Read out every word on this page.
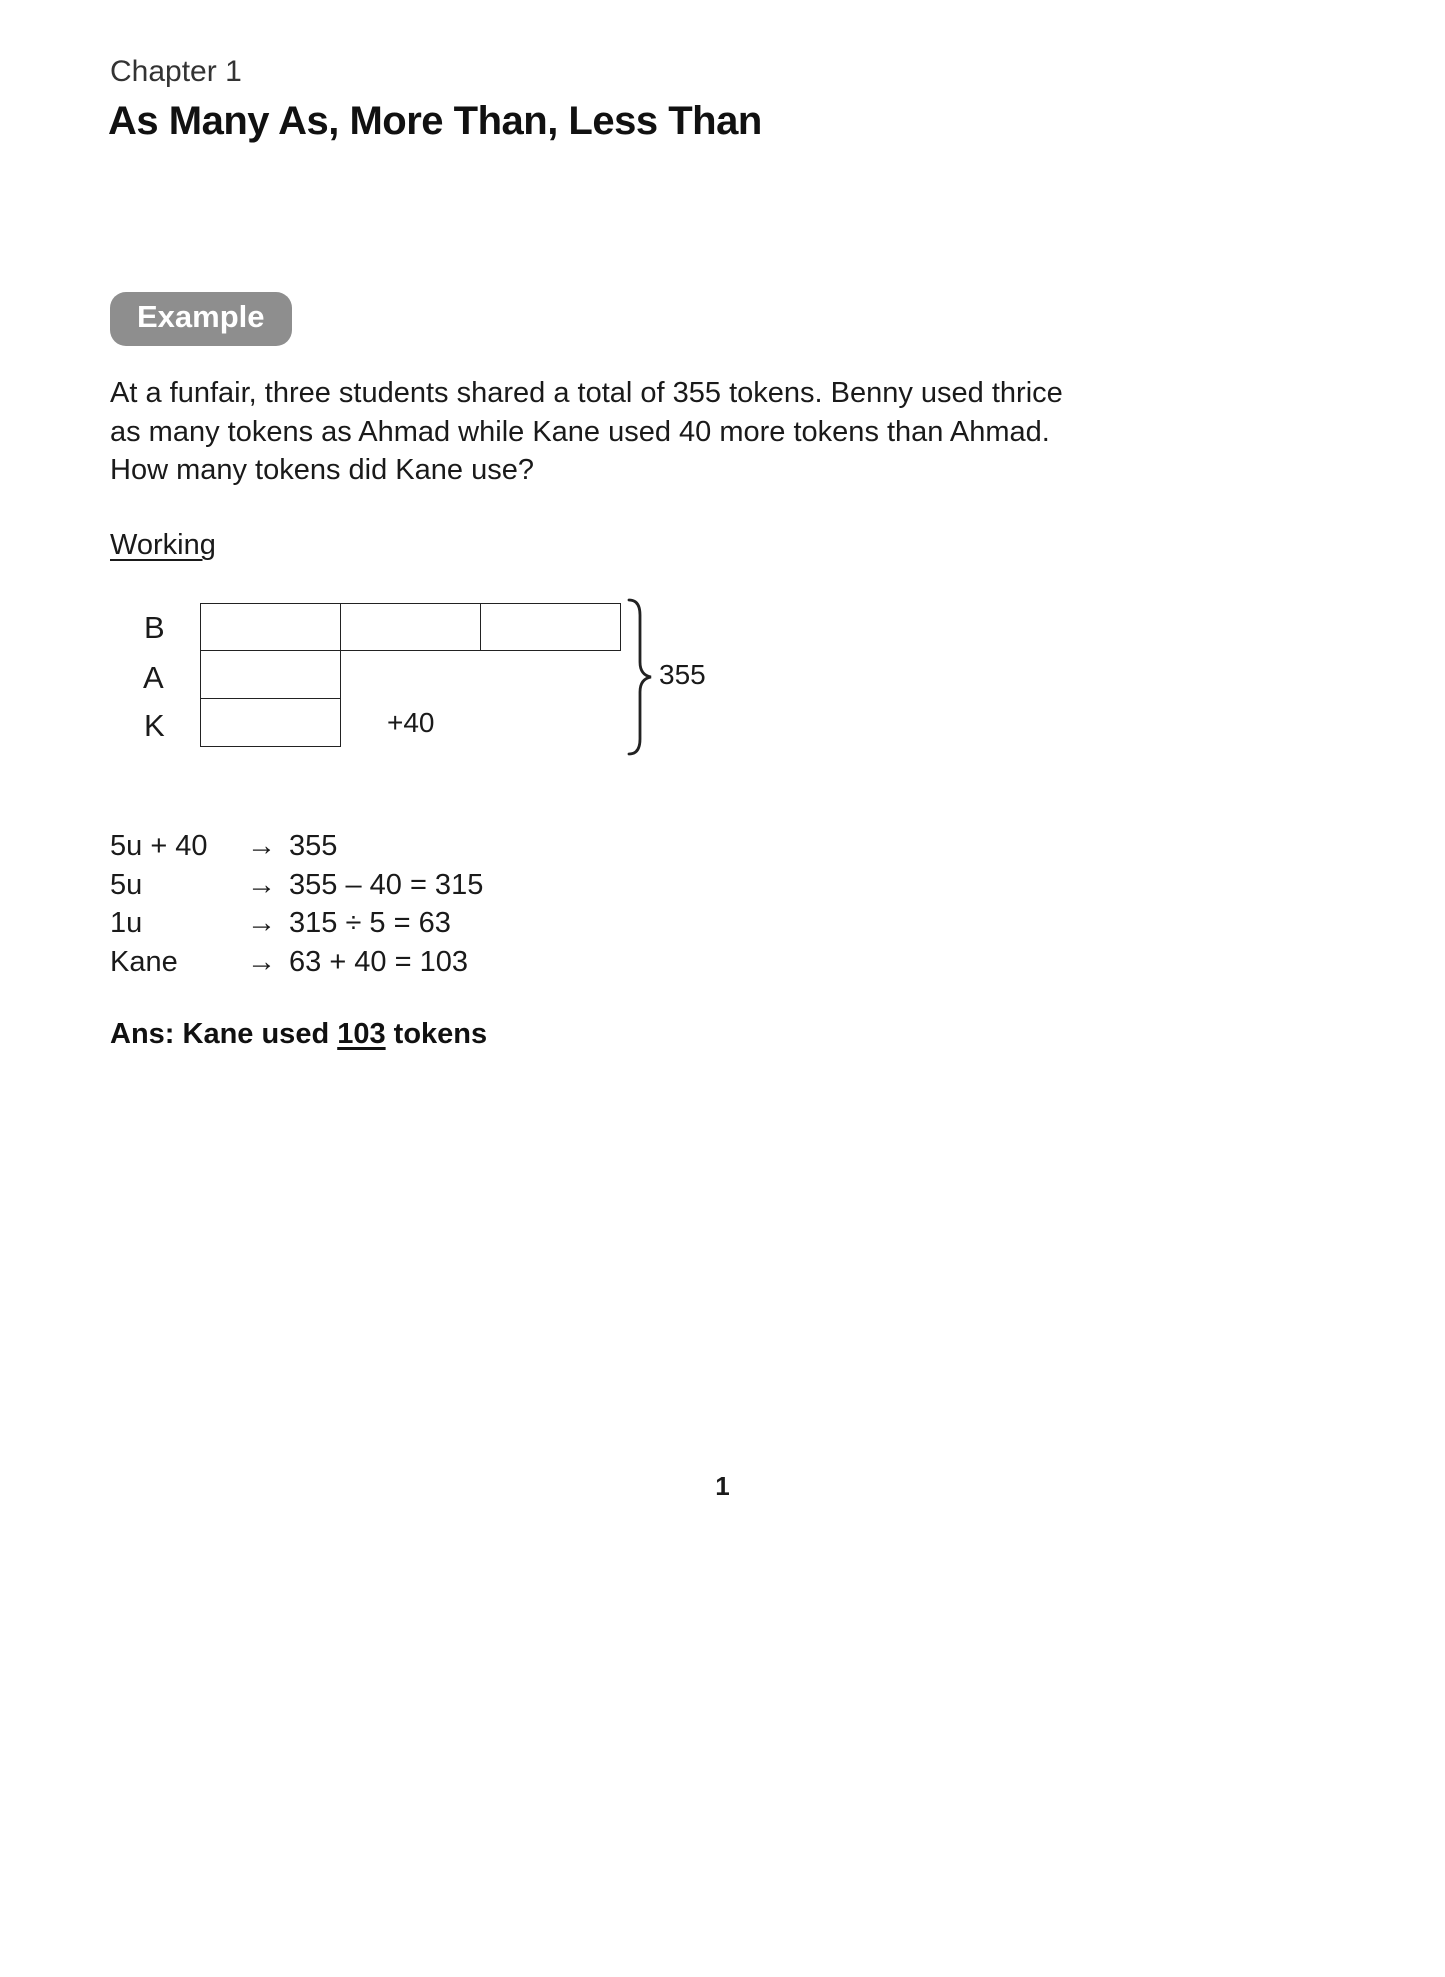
Chapter 1
As Many As, More Than, Less Than
Example
At a funfair, three students shared a total of 355 tokens. Benny used thrice
as many tokens as Ahmad while Kane used 40 more tokens than Ahmad.
How many tokens did Kane use?
Working
B
A
K	+40
355
5u + 40	→ 355
5u	→ 355 – 40 = 315
1u	→ 315 ÷ 5 = 63
Kane	→ 63 + 40 = 103
Ans: Kane used 103 tokens
1
